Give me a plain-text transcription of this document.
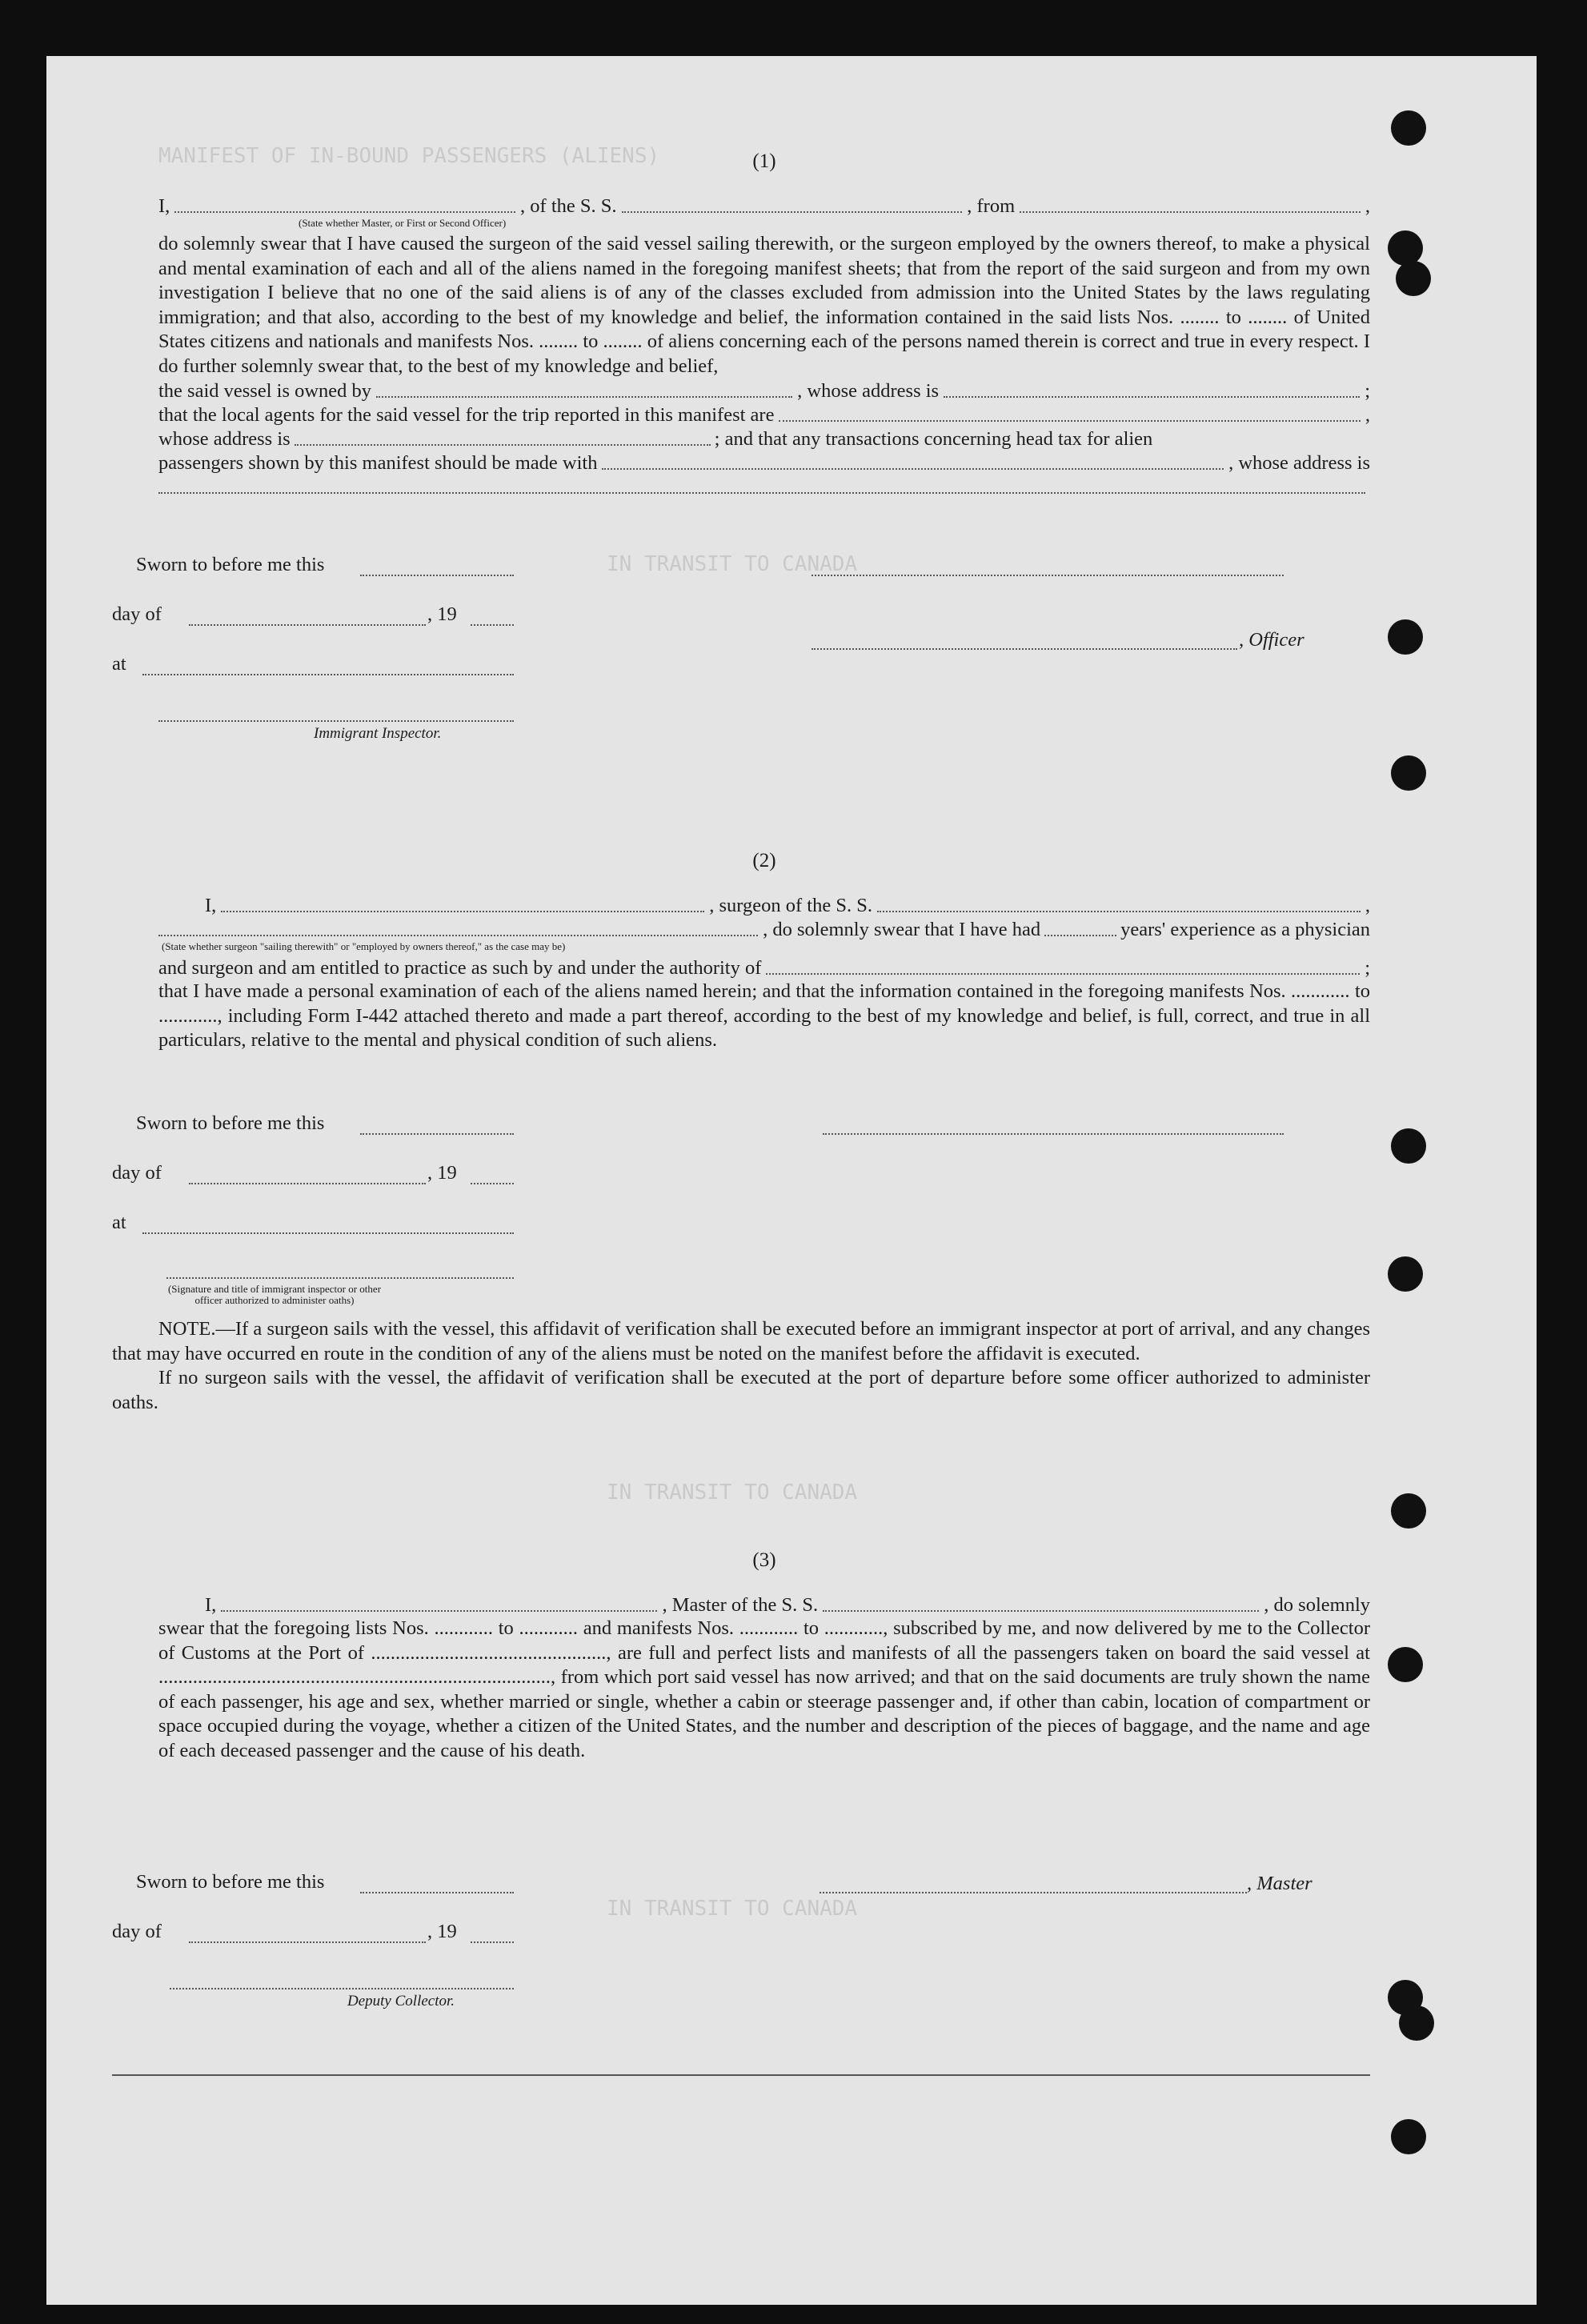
MANIFEST OF IN-BOUND PASSENGERS (ALIENS)
IN TRANSIT TO CANADA
IN TRANSIT TO CANADA
IN TRANSIT TO CANADA
(1)
I,	, of the S. S.	, from	,
(State whether Master, or First or Second Officer)
do solemnly swear that I have caused the surgeon of the said vessel sailing therewith, or the surgeon employed by the owners thereof, to make a physical and mental examination of each and all of the aliens named in the foregoing manifest sheets; that from the report of the said surgeon and from my own investigation I believe that no one of the said aliens is of any of the classes excluded from admission into the United States by the laws regulating immigration; and that also, according to the best of my knowledge and belief, the information contained in the said lists Nos. ........ to ........ of United States citizens and nationals and manifests Nos. ........ to ........ of aliens concerning each of the persons named therein is correct and true in every respect. I do further solemnly swear that, to the best of my knowledge and belief,
the said vessel is owned by	, whose address is	;
that the local agents for the said vessel for the trip reported in this manifest are	,
whose address is	; and that any transactions concerning head tax for alien
passengers shown by this manifest should be made with	, whose address is
Sworn to before me this
day of	, 19
, Officer
at
Immigrant Inspector.
(2)
I,	, surgeon of the S. S.	,
, do solemnly swear that I have had	years' experience as a physician
(State whether surgeon "sailing therewith" or "employed by owners thereof," as the case may be)
and surgeon and am entitled to practice as such by and under the authority of	;
that I have made a personal examination of each of the aliens named herein; and that the information contained in the foregoing manifests Nos. ............ to ............, including Form I-442 attached thereto and made a part thereof, according to the best of my knowledge and belief, is full, correct, and true in all particulars, relative to the mental and physical condition of such aliens.
Sworn to before me this
day of	, 19
at
(Signature and title of immigrant inspector or other officer authorized to administer oaths)
NOTE.—If a surgeon sails with the vessel, this affidavit of verification shall be executed before an immigrant inspector at port of arrival, and any changes that may have occurred en route in the condition of any of the aliens must be noted on the manifest before the affidavit is executed.
If no surgeon sails with the vessel, the affidavit of verification shall be executed at the port of departure before some officer authorized to administer oaths.
(3)
I,	, Master of the S. S.	, do solemnly
swear that the foregoing lists Nos. ............ to ............ and manifests Nos. ............ to ............, subscribed by me, and now delivered by me to the Collector of Customs at the Port of ................................................, are full and perfect lists and manifests of all the passengers taken on board the said vessel at ................................................................................, from which port said vessel has now arrived; and that on the said documents are truly shown the name of each passenger, his age and sex, whether married or single, whether a cabin or steerage passenger and, if other than cabin, location of compartment or space occupied during the voyage, whether a citizen of the United States, and the number and description of the pieces of baggage, and the name and age of each deceased passenger and the cause of his death.
Sworn to before me this	, Master
day of	, 19
Deputy Collector.
